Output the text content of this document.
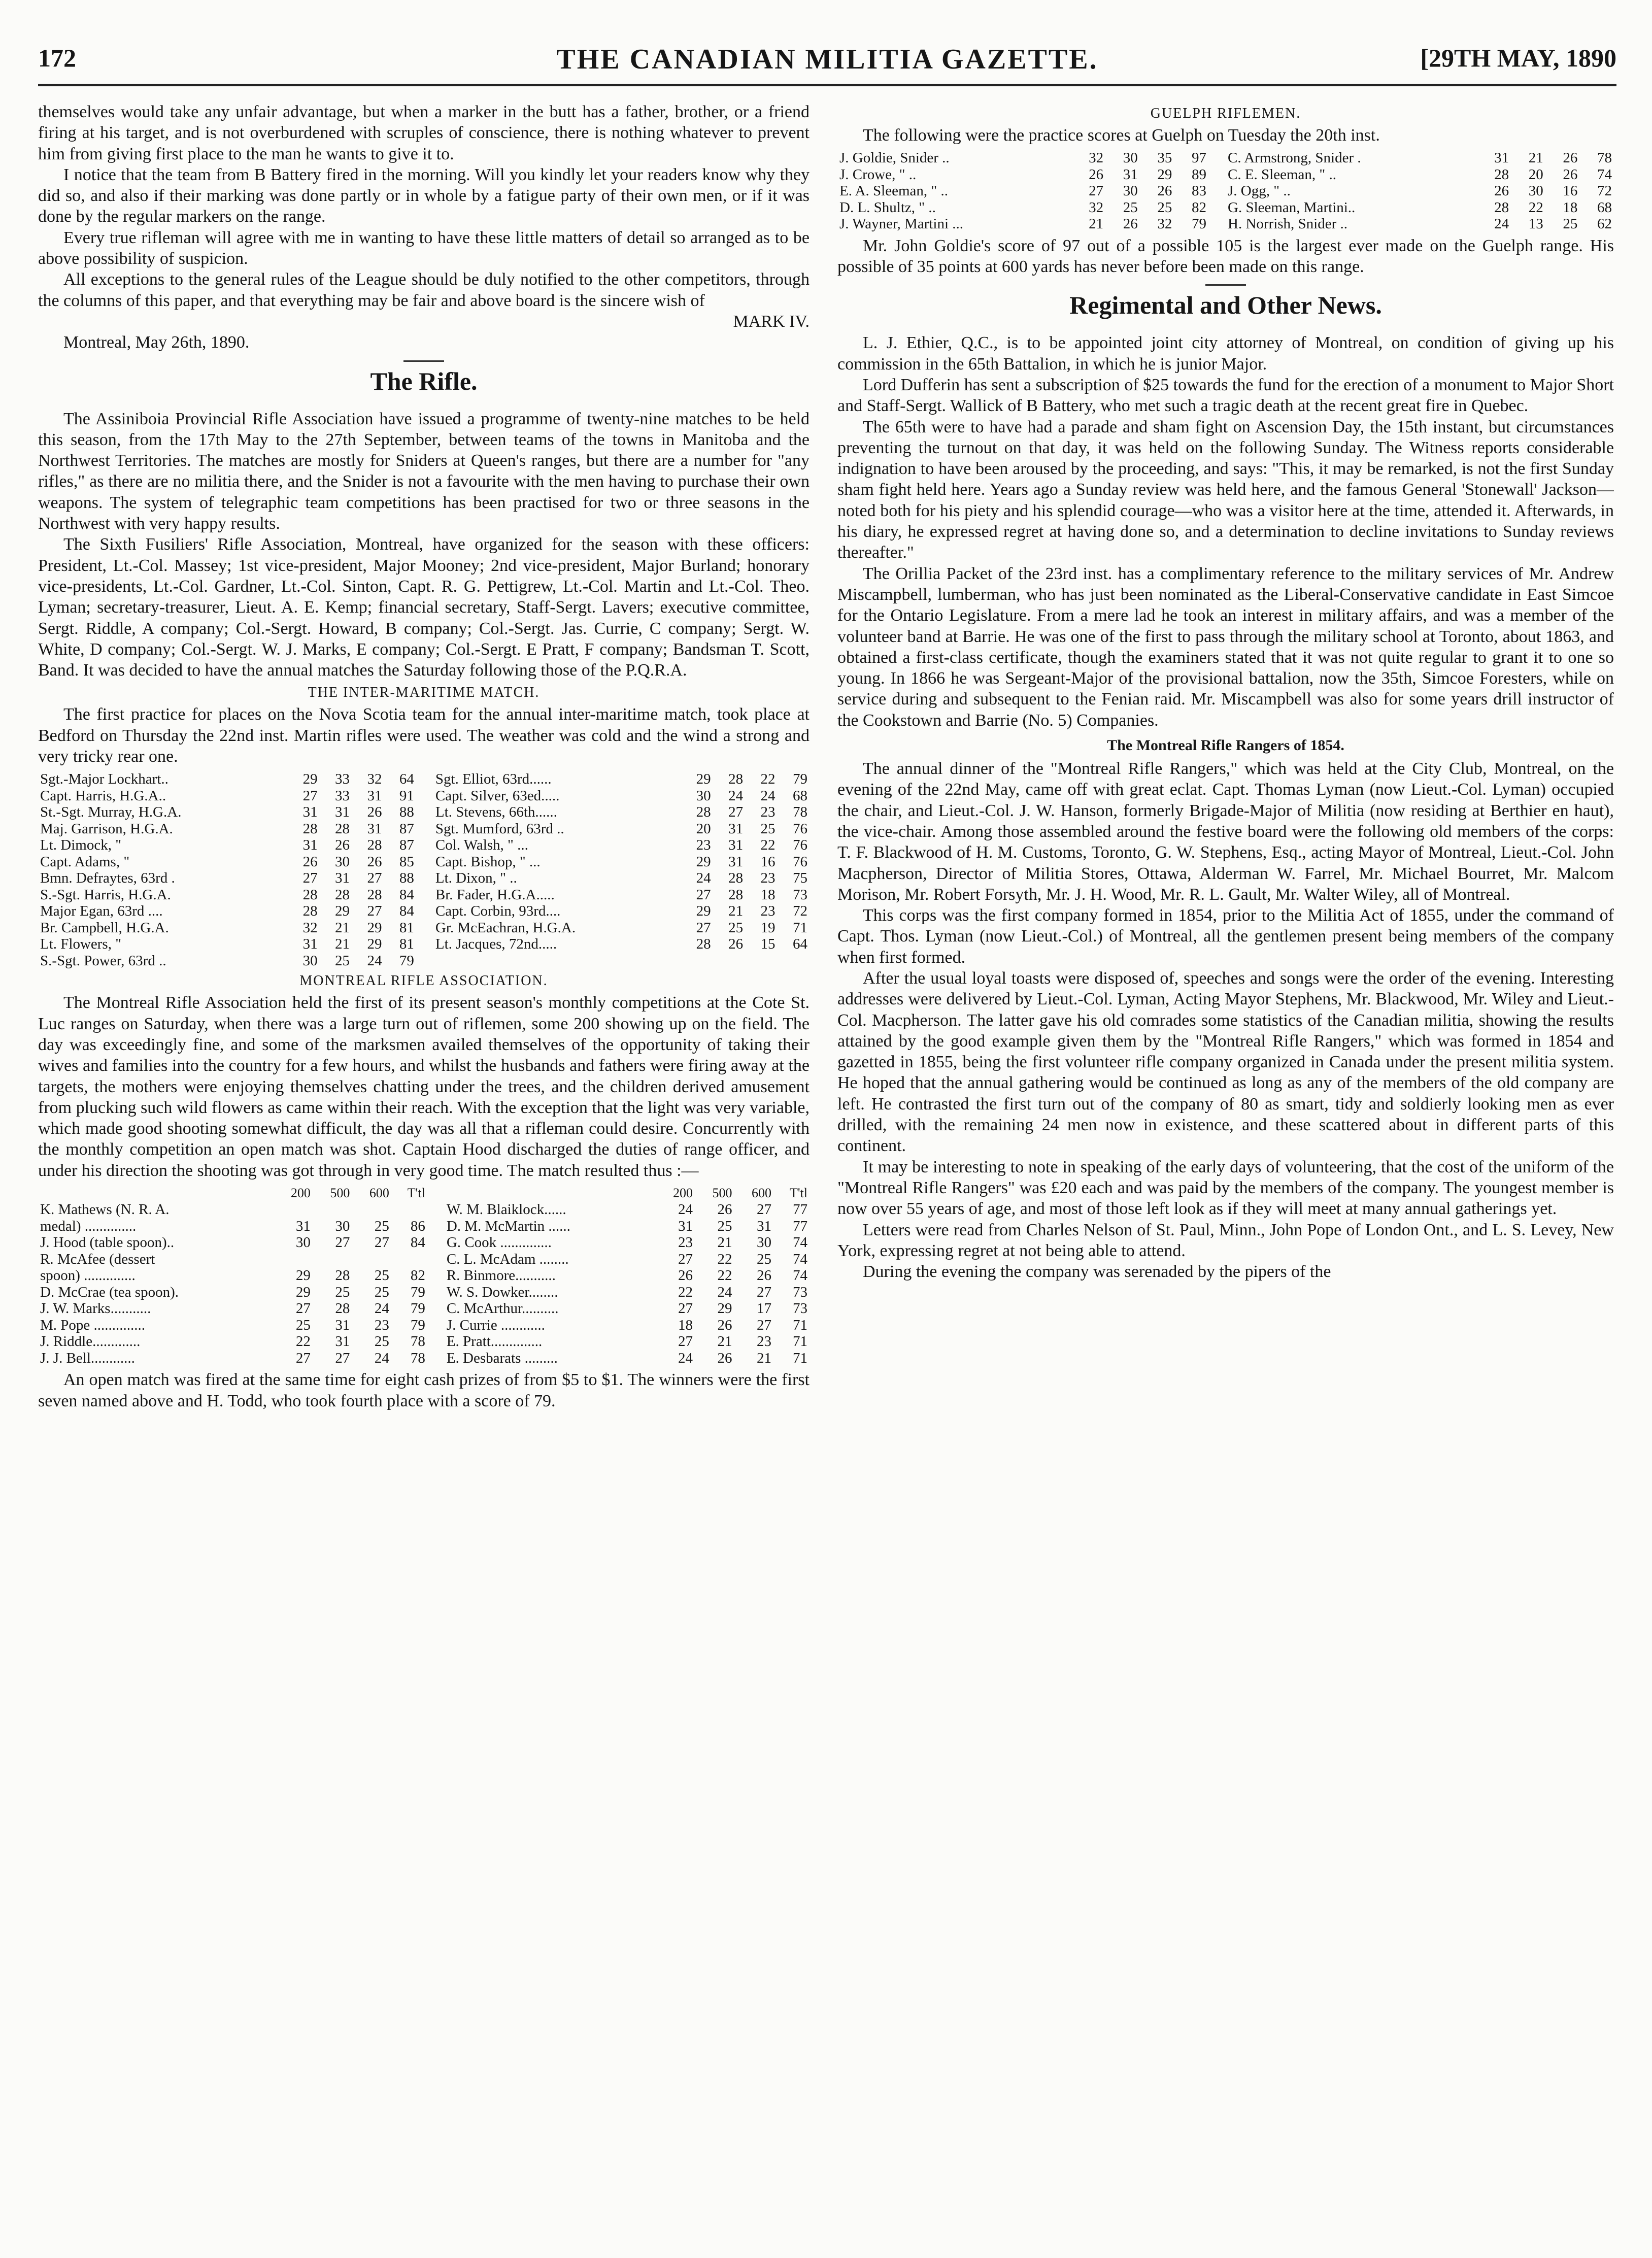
172	THE CANADIAN MILITIA GAZETTE.	[29TH MAY, 1890

themselves would take any unfair advantage, but when a marker in the butt has a father, brother, or a friend firing at his target, and is not overburdened with scruples of conscience, there is nothing whatever to prevent him from giving first place to the man he wants to give it to.

I notice that the team from B Battery fired in the morning. Will you kindly let your readers know why they did so, and also if their marking was done partly or in whole by a fatigue party of their own men, or if it was done by the regular markers on the range.

Every true rifleman will agree with me in wanting to have these little matters of detail so arranged as to be above possibility of suspicion.

All exceptions to the general rules of the League should be duly notified to the other competitors, through the columns of this paper, and that everything may be fair and above board is the sincere wish of

MARK IV.

Montreal, May 26th, 1890.

The Rifle.

The Assiniboia Provincial Rifle Association have issued a programme of twenty-nine matches to be held this season, from the 17th May to the 27th September, between teams of the towns in Manitoba and the Northwest Territories. The matches are mostly for Sniders at Queen's ranges, but there are a number for "any rifles," as there are no militia there, and the Snider is not a favourite with the men having to purchase their own weapons. The system of telegraphic team competitions has been practised for two or three seasons in the Northwest with very happy results.

The Sixth Fusiliers' Rifle Association, Montreal, have organized for the season with these officers: President, Lt.-Col. Massey; 1st vice-president, Major Mooney; 2nd vice-president, Major Burland; honorary vice-presidents, Lt.-Col. Gardner, Lt.-Col. Sinton, Capt. R. G. Pettigrew, Lt.-Col. Martin and Lt.-Col. Theo. Lyman; secretary-treasurer, Lieut. A. E. Kemp; financial secretary, Staff-Sergt. Lavers; executive committee, Sergt. Riddle, A company; Col.-Sergt. Howard, B company; Col.-Sergt. Jas. Currie, C company; Sergt. W. White, D company; Col.-Sergt. W. J. Marks, E company; Col.-Sergt. E Pratt, F company; Bandsman T. Scott, Band. It was decided to have the annual matches the Saturday following those of the P.Q.R.A.

THE INTER-MARITIME MATCH.

The first practice for places on the Nova Scotia team for the annual inter-maritime match, took place at Bedford on Thursday the 22nd inst. Martin rifles were used. The weather was cold and the wind a strong and very tricky rear one.

Sgt.-Major Lockhart..	29	33	32	64		Sgt. Elliot, 63rd......	29	28	22	79
Capt. Harris, H.G.A..	27	33	31	91		Capt. Silver, 63ed.....	30	24	24	68
St.-Sgt. Murray, H.G.A.	31	31	26	88		Lt. Stevens, 66th......	28	27	23	78
Maj. Garrison, H.G.A.	28	28	31	87		Sgt. Mumford, 63rd ..	20	31	25	76
Lt. Dimock, "	31	26	28	87		Col. Walsh, " ...	23	31	22	76
Capt. Adams, "	26	30	26	85		Capt. Bishop, " ...	29	31	16	76
Bmn. Defraytes, 63rd .	27	31	27	88		Lt. Dixon, " ..	24	28	23	75
S.-Sgt. Harris, H.G.A.	28	28	28	84		Br. Fader, H.G.A.....	27	28	18	73
Major Egan, 63rd ....	28	29	27	84		Capt. Corbin, 93rd....	29	21	23	72
Br. Campbell, H.G.A.	32	21	29	81		Gr. McEachran, H.G.A.	27	25	19	71
Lt. Flowers, "	31	21	29	81		Lt. Jacques, 72nd.....	28	26	15	64
S.-Sgt. Power, 63rd ..	30	25	24	79						
MONTREAL RIFLE ASSOCIATION.

The Montreal Rifle Association held the first of its present season's monthly competitions at the Cote St. Luc ranges on Saturday, when there was a large turn out of riflemen, some 200 showing up on the field. The day was exceedingly fine, and some of the marksmen availed themselves of the opportunity of taking their wives and families into the country for a few hours, and whilst the husbands and fathers were firing away at the targets, the mothers were enjoying themselves chatting under the trees, and the children derived amusement from plucking such wild flowers as came within their reach. With the exception that the light was very variable, which made good shooting somewhat difficult, the day was all that a rifleman could desire. Concurrently with the monthly competition an open match was shot. Captain Hood discharged the duties of range officer, and under his direction the shooting was got through in very good time. The match resulted thus :—

	200	500	600	T'tl			200	500	600	T'tl
K. Mathews (N. R. A.						W. M. Blaiklock......	24	26	27	77
medal) ..............	31	30	25	86		D. M. McMartin ......	31	25	31	77
J. Hood (table spoon)..	30	27	27	84		G. Cook ..............	23	21	30	74
R. McAfee (dessert						C. L. McAdam ........	27	22	25	74
spoon) ..............	29	28	25	82		R. Binmore...........	26	22	26	74
D. McCrae (tea spoon).	29	25	25	79		W. S. Dowker........	22	24	27	73
J. W. Marks...........	27	28	24	79		C. McArthur..........	27	29	17	73
M. Pope ..............	25	31	23	79		J. Currie ............	18	26	27	71
J. Riddle.............	22	31	25	78		E. Pratt..............	27	21	23	71
J. J. Bell............	27	27	24	78		E. Desbarats .........	24	26	21	71

An open match was fired at the same time for eight cash prizes of from $5 to $1. The winners were the first seven named above and H. Todd, who took fourth place with a score of 79.

GUELPH RIFLEMEN.

The following were the practice scores at Guelph on Tuesday the 20th inst.

J. Goldie, Snider ..	32	30	35	97		C. Armstrong, Snider .	31	21	26	78
J. Crowe, " ..	26	31	29	89		C. E. Sleeman, " ..	28	20	26	74
E. A. Sleeman, " ..	27	30	26	83		J. Ogg, " ..	26	30	16	72
D. L. Shultz, " ..	32	25	25	82		G. Sleeman, Martini..	28	22	18	68
J. Wayner, Martini ...	21	26	32	79		H. Norrish, Snider ..	24	13	25	62

Mr. John Goldie's score of 97 out of a possible 105 is the largest ever made on the Guelph range. His possible of 35 points at 600 yards has never before been made on this range.

Regimental and Other News.

L. J. Ethier, Q.C., is to be appointed joint city attorney of Montreal, on condition of giving up his commission in the 65th Battalion, in which he is junior Major.

Lord Dufferin has sent a subscription of $25 towards the fund for the erection of a monument to Major Short and Staff-Sergt. Wallick of B Battery, who met such a tragic death at the recent great fire in Quebec.

The 65th were to have had a parade and sham fight on Ascension Day, the 15th instant, but circumstances preventing the turnout on that day, it was held on the following Sunday. The Witness reports considerable indignation to have been aroused by the proceeding, and says: "This, it may be remarked, is not the first Sunday sham fight held here. Years ago a Sunday review was held here, and the famous General 'Stonewall' Jackson—noted both for his piety and his splendid courage—who was a visitor here at the time, attended it. Afterwards, in his diary, he expressed regret at having done so, and a determination to decline invitations to Sunday reviews thereafter."

The Orillia Packet of the 23rd inst. has a complimentary reference to the military services of Mr. Andrew Miscampbell, lumberman, who has just been nominated as the Liberal-Conservative candidate in East Simcoe for the Ontario Legislature. From a mere lad he took an interest in military affairs, and was a member of the volunteer band at Barrie. He was one of the first to pass through the military school at Toronto, about 1863, and obtained a first-class certificate, though the examiners stated that it was not quite regular to grant it to one so young. In 1866 he was Sergeant-Major of the provisional battalion, now the 35th, Simcoe Foresters, while on service during and subsequent to the Fenian raid. Mr. Miscampbell was also for some years drill instructor of the Cookstown and Barrie (No. 5) Companies.

The Montreal Rifle Rangers of 1854.

The annual dinner of the "Montreal Rifle Rangers," which was held at the City Club, Montreal, on the evening of the 22nd May, came off with great eclat. Capt. Thomas Lyman (now Lieut.-Col. Lyman) occupied the chair, and Lieut.-Col. J. W. Hanson, formerly Brigade-Major of Militia (now residing at Berthier en haut), the vice-chair. Among those assembled around the festive board were the following old members of the corps: T. F. Blackwood of H. M. Customs, Toronto, G. W. Stephens, Esq., acting Mayor of Montreal, Lieut.-Col. John Macpherson, Director of Militia Stores, Ottawa, Alderman W. Farrel, Mr. Michael Bourret, Mr. Malcom Morison, Mr. Robert Forsyth, Mr. J. H. Wood, Mr. R. L. Gault, Mr. Walter Wiley, all of Montreal.

This corps was the first company formed in 1854, prior to the Militia Act of 1855, under the command of Capt. Thos. Lyman (now Lieut.-Col.) of Montreal, all the gentlemen present being members of the company when first formed.

After the usual loyal toasts were disposed of, speeches and songs were the order of the evening. Interesting addresses were delivered by Lieut.-Col. Lyman, Acting Mayor Stephens, Mr. Blackwood, Mr. Wiley and Lieut.-Col. Macpherson. The latter gave his old comrades some statistics of the Canadian militia, showing the results attained by the good example given them by the "Montreal Rifle Rangers," which was formed in 1854 and gazetted in 1855, being the first volunteer rifle company organized in Canada under the present militia system. He hoped that the annual gathering would be continued as long as any of the members of the old company are left. He contrasted the first turn out of the company of 80 as smart, tidy and soldierly looking men as ever drilled, with the remaining 24 men now in existence, and these scattered about in different parts of this continent.

It may be interesting to note in speaking of the early days of volunteering, that the cost of the uniform of the "Montreal Rifle Rangers" was £20 each and was paid by the members of the company. The youngest member is now over 55 years of age, and most of those left look as if they will meet at many annual gatherings yet.

Letters were read from Charles Nelson of St. Paul, Minn., John Pope of London Ont., and L. S. Levey, New York, expressing regret at not being able to attend.

During the evening the company was serenaded by the pipers of the
